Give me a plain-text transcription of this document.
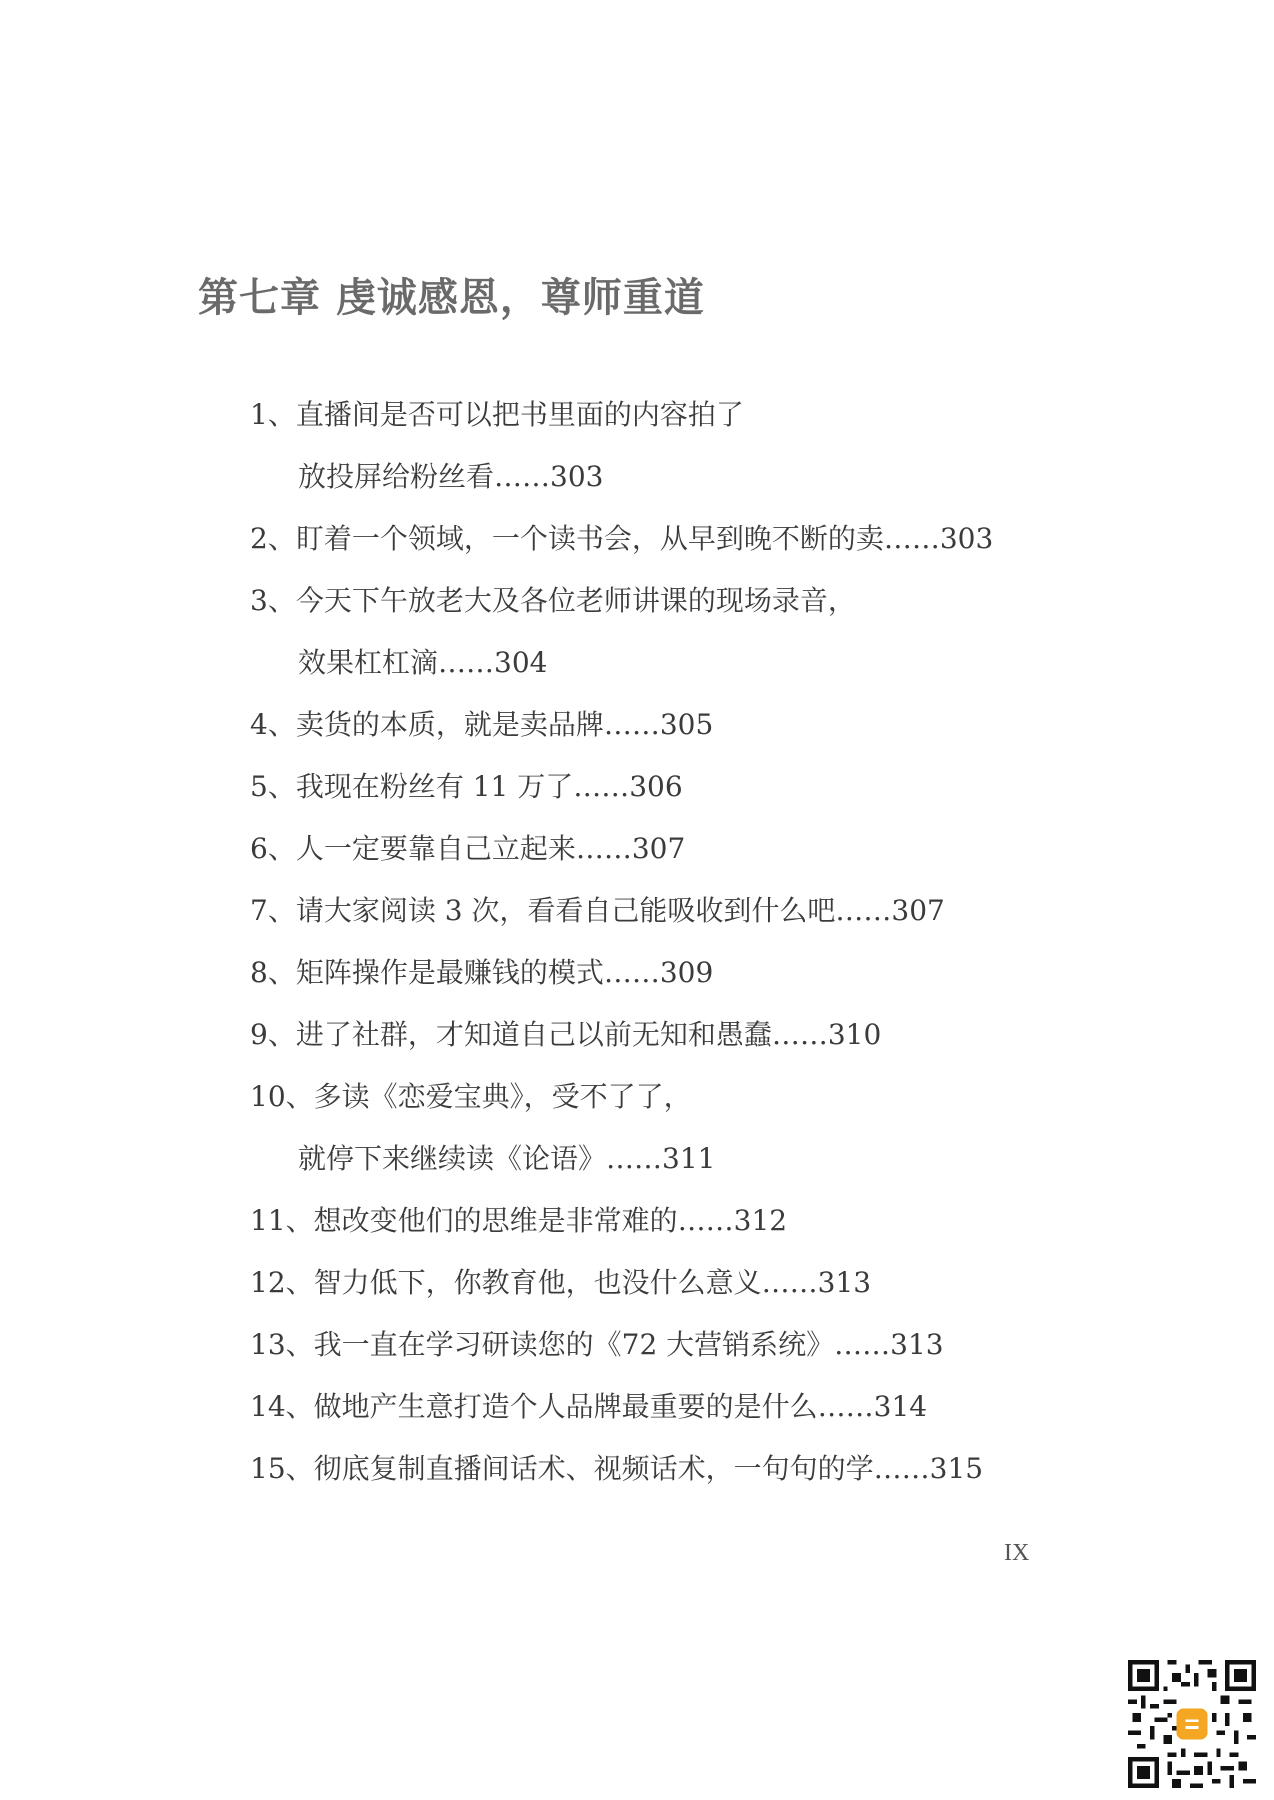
第七章 虔诚感恩，尊师重道
1、直播间是否可以把书里面的内容拍了
放投屏给粉丝看……303
2、盯着一个领域，一个读书会，从早到晚不断的卖……303
3、今天下午放老大及各位老师讲课的现场录音，
效果杠杠滴……304
4、卖货的本质，就是卖品牌……305
5、我现在粉丝有 11 万了……306
6、人一定要靠自己立起来……307
7、请大家阅读 3 次，看看自己能吸收到什么吧……307
8、矩阵操作是最赚钱的模式……309
9、进了社群，才知道自己以前无知和愚蠢……310
10、多读《恋爱宝典》，受不了了，
就停下来继续读《论语》……311
11、想改变他们的思维是非常难的……312
12、智力低下，你教育他，也没什么意义……313
13、我一直在学习研读您的《72 大营销系统》……313
14、做地产生意打造个人品牌最重要的是什么……314
15、彻底复制直播间话术、视频话术，一句句的学……315
IX
